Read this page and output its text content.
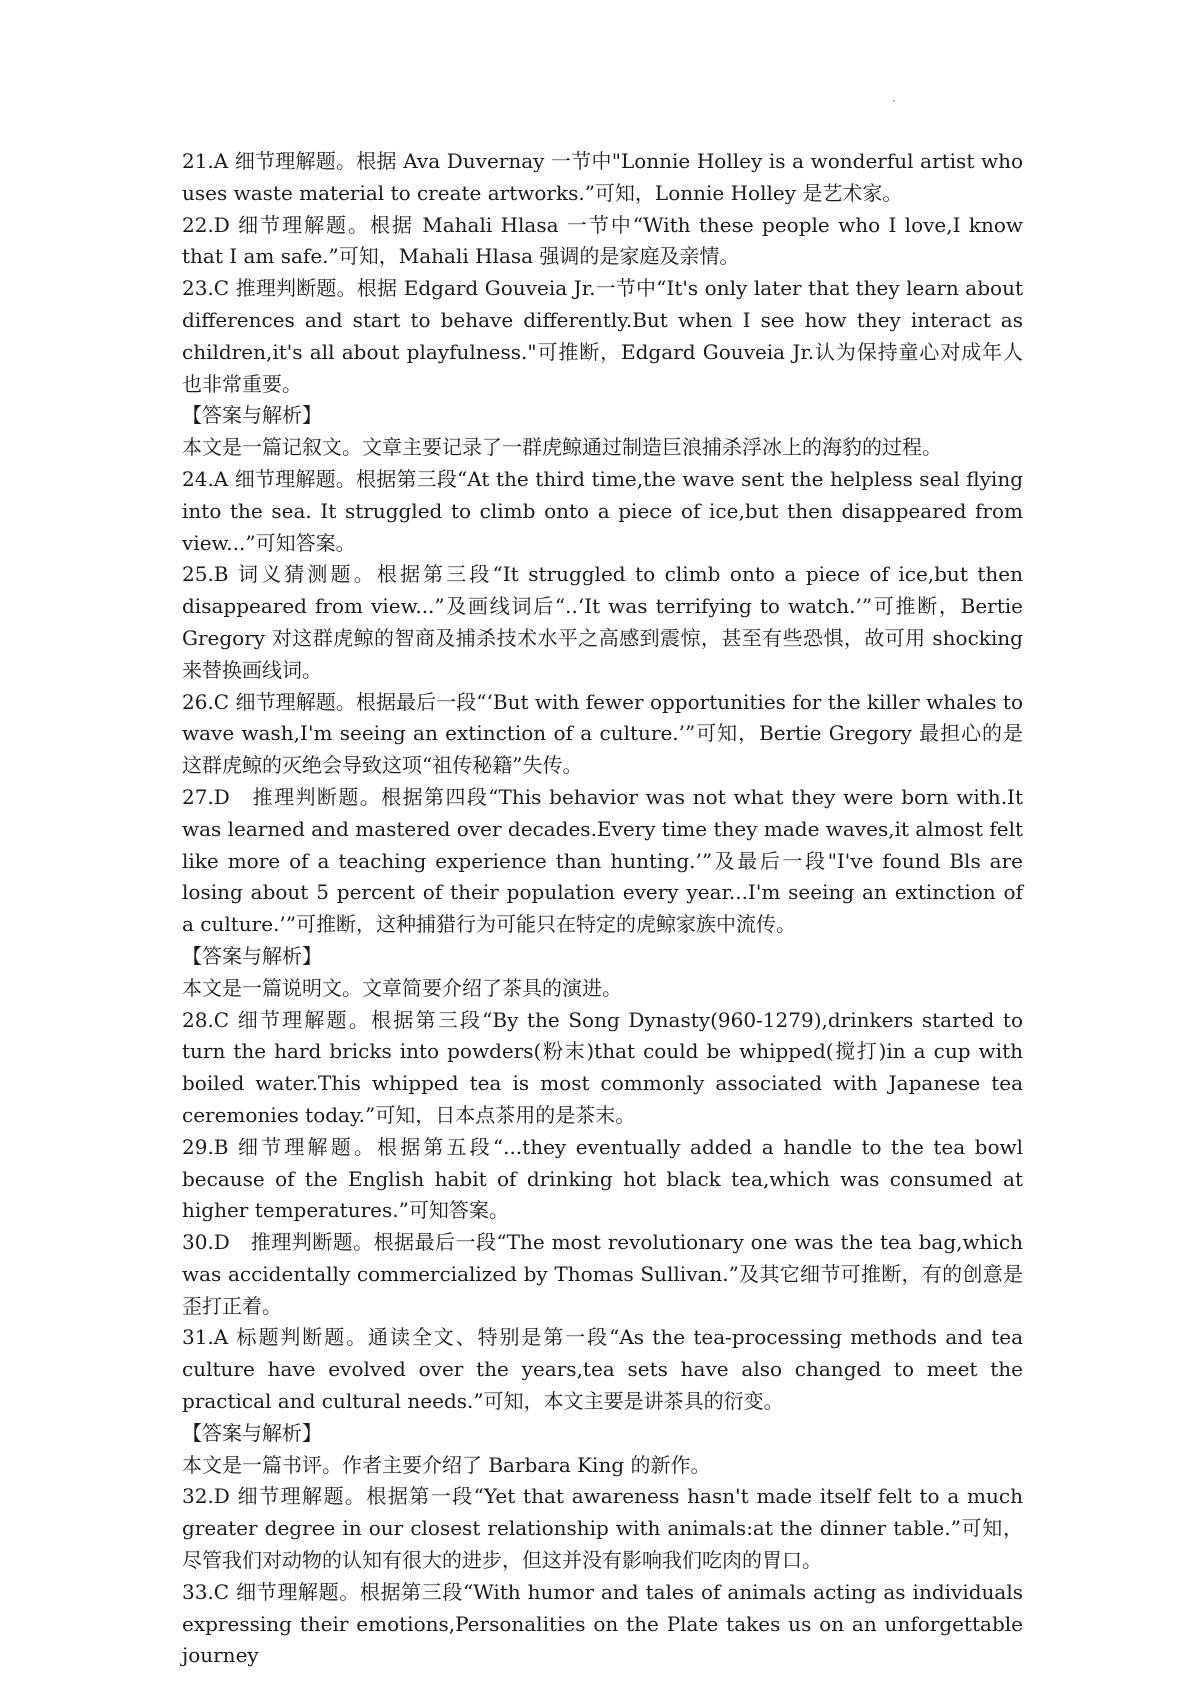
21.A 细节理解题。根据 Ava Duvernay 一节中"Lonnie Holley is a wonderful artist who uses waste material to create artworks.”可知，Lonnie Holley 是艺术家。

22.D 细节理解题。根据 Mahali Hlasa 一节中“With these people who I love,I know that I am safe.”可知，Mahali Hlasa 强调的是家庭及亲情。

23.C 推理判断题。根据 Edgard Gouveia Jr.一节中“It's only later that they learn about differences and start to behave differently.But when I see how they interact as children,it's all about playfulness."可推断，Edgard Gouveia Jr.认为保持童心对成年人也非常重要。

【答案与解析】

本文是一篇记叙文。文章主要记录了一群虎鲸通过制造巨浪捕杀浮冰上的海豹的过程。

24.A 细节理解题。根据第三段“At the third time,the wave sent the helpless seal flying into the sea. It struggled to climb onto a piece of ice,but then disappeared from view...”可知答案。

25.B 词义猜测题。根据第三段“It struggled to climb onto a piece of ice,but then disappeared from view...”及画线词后“..‘It was terrifying to watch.’”可推断，Bertie Gregory 对这群虎鲸的智商及捕杀技术水平之高感到震惊，甚至有些恐惧，故可用 shocking 来替换画线词。

26.C 细节理解题。根据最后一段“‘But with fewer opportunities for the killer whales to wave wash,I'm seeing an extinction of a culture.’”可知，Bertie Gregory 最担心的是这群虎鲸的灭绝会导致这项“祖传秘籍”失传。

27.D　推理判断题。根据第四段“This behavior was not what they were born with.It was learned and mastered over decades.Every time they made waves,it almost felt like more of a teaching experience than hunting.’”及最后一段"I've found Bls are losing about 5 percent of their population every year...I'm seeing an extinction of a culture.’”可推断，这种捕猎行为可能只在特定的虎鲸家族中流传。

【答案与解析】

本文是一篇说明文。文章简要介绍了茶具的演进。

28.C 细节理解题。根据第三段“By the Song Dynasty(960-1279),drinkers started to turn the hard bricks into powders(粉末)that could be whipped(搅打)in a cup with boiled water.This whipped tea is most commonly associated with Japanese tea ceremonies today.”可知，日本点茶用的是茶末。

29.B 细节理解题。根据第五段“...they eventually added a handle to the tea bowl because of the English habit of drinking hot black tea,which was consumed at higher temperatures.”可知答案。

30.D　推理判断题。根据最后一段“The most revolutionary one was the tea bag,which was accidentally commercialized by Thomas Sullivan.”及其它细节可推断，有的创意是歪打正着。

31.A 标题判断题。通读全文、特别是第一段“As the tea-processing methods and tea culture have evolved over the years,tea sets have also changed to meet the practical and cultural needs.”可知，本文主要是讲茶具的衍变。

【答案与解析】

本文是一篇书评。作者主要介绍了 Barbara King 的新作。

32.D 细节理解题。根据第一段“Yet that awareness hasn't made itself felt to a much greater degree in our closest relationship with animals:at the dinner table.”可知，尽管我们对动物的认知有很大的进步，但这并没有影响我们吃肉的胃口。

33.C 细节理解题。根据第三段“With humor and tales of animals acting as individuals expressing their emotions,Personalities on the Plate takes us on an unforgettable journey
